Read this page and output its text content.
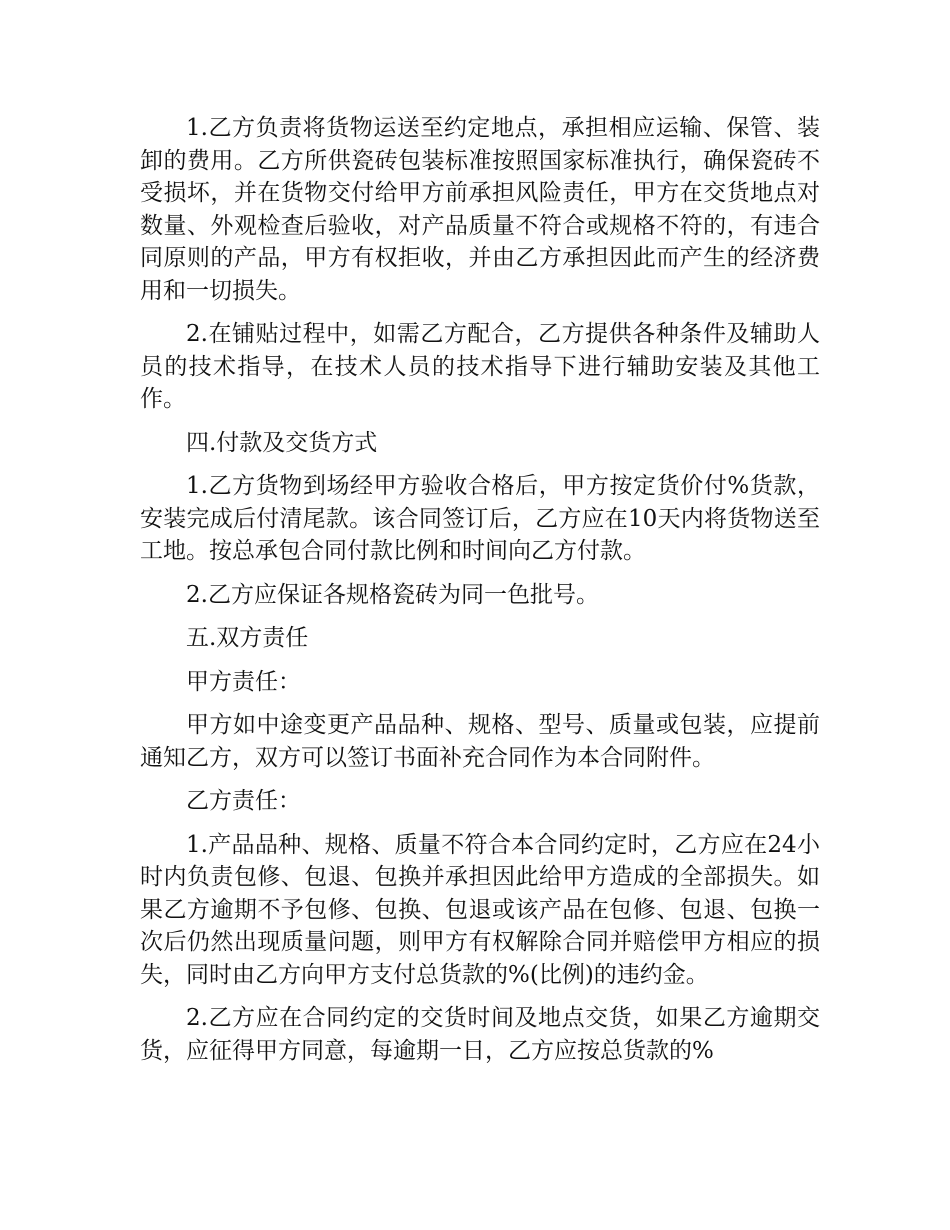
1.乙方负责将货物运送至约定地点，承担相应运输、保管、装卸的费用。乙方所供瓷砖包装标准按照国家标准执行，确保瓷砖不受损坏，并在货物交付给甲方前承担风险责任，甲方在交货地点对数量、外观检查后验收，对产品质量不符合或规格不符的，有违合同原则的产品，甲方有权拒收，并由乙方承担因此而产生的经济费用和一切损失。

2.在铺贴过程中，如需乙方配合，乙方提供各种条件及辅助人员的技术指导，在技术人员的技术指导下进行辅助安装及其他工作。

四.付款及交货方式

1.乙方货物到场经甲方验收合格后，甲方按定货价付%货款，安装完成后付清尾款。该合同签订后，乙方应在10天内将货物送至工地。按总承包合同付款比例和时间向乙方付款。

2.乙方应保证各规格瓷砖为同一色批号。

五.双方责任

甲方责任：

甲方如中途变更产品品种、规格、型号、质量或包装，应提前通知乙方，双方可以签订书面补充合同作为本合同附件。

乙方责任：

1.产品品种、规格、质量不符合本合同约定时，乙方应在24小时内负责包修、包退、包换并承担因此给甲方造成的全部损失。如果乙方逾期不予包修、包换、包退或该产品在包修、包退、包换一次后仍然出现质量问题，则甲方有权解除合同并赔偿甲方相应的损失，同时由乙方向甲方支付总货款的%(比例)的违约金。

2.乙方应在合同约定的交货时间及地点交货，如果乙方逾期交货，应征得甲方同意，每逾期一日，乙方应按总货款的%
